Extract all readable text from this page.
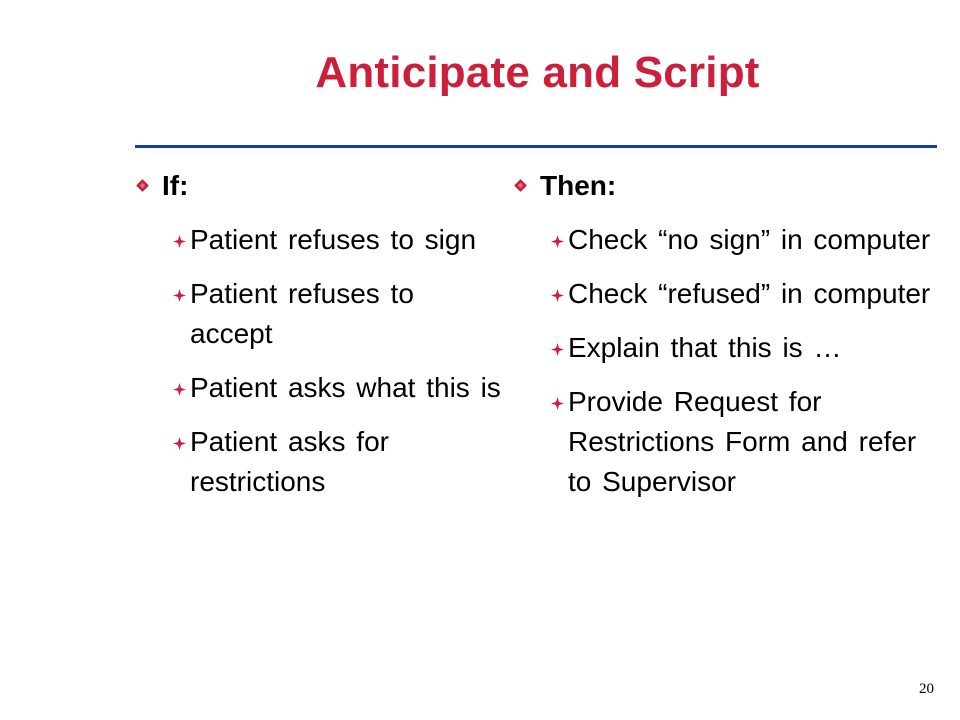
Anticipate and Script
If:
Patient refuses to sign
Patient refuses to accept
Patient asks what this is
Patient asks for restrictions
Then:
Check “no sign” in computer
Check “refused” in computer
Explain that this is …
Provide Request for Restrictions Form and refer to Supervisor
20
